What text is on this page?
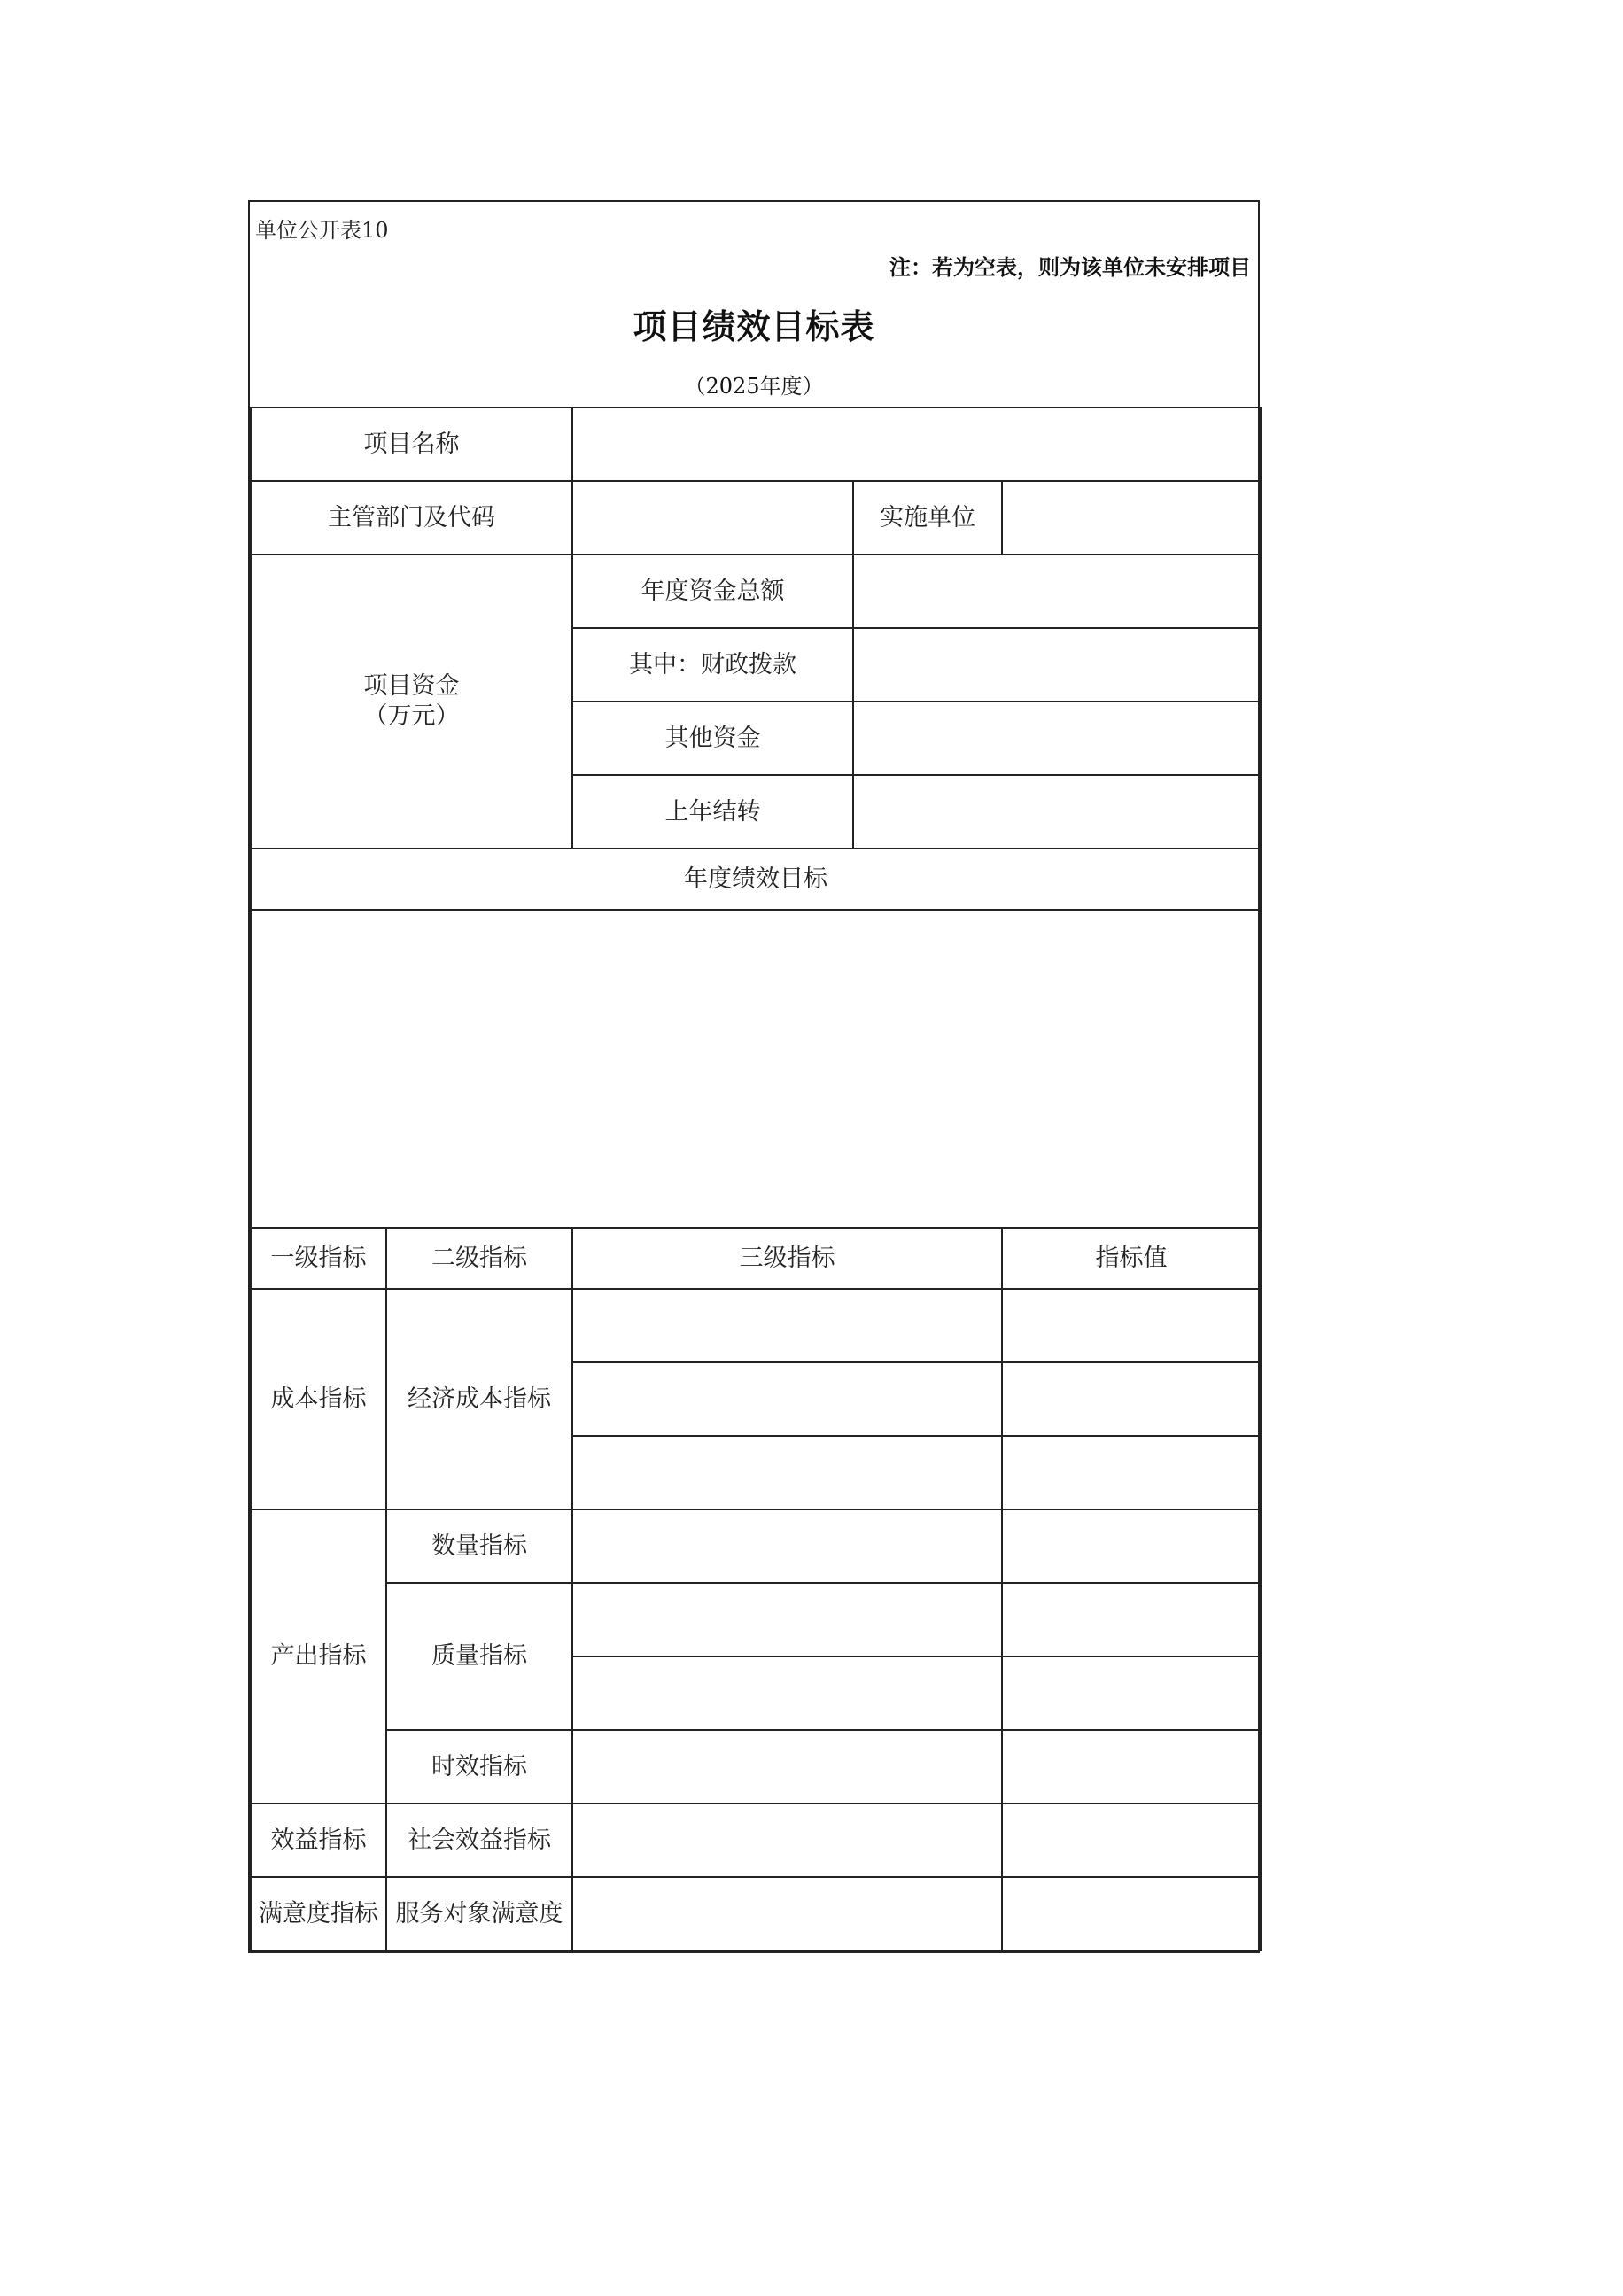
单位公开表10
注：若为空表，则为该单位未安排项目
项目绩效目标表
（2025年度）
项目名称				
主管部门及代码			实施单位	

项目资金
（万元）		年度资金总额		
		其中：财政拨款		
		其他资金		
		上年结转		
年度绩效目标				

一级指标	二级指标	三级指标		指标值
成本指标	经济成本指标			

产出指标	数量指标			
	质量指标			

	时效指标			
效益指标	社会效益指标			
满意度指标	服务对象满意度			
